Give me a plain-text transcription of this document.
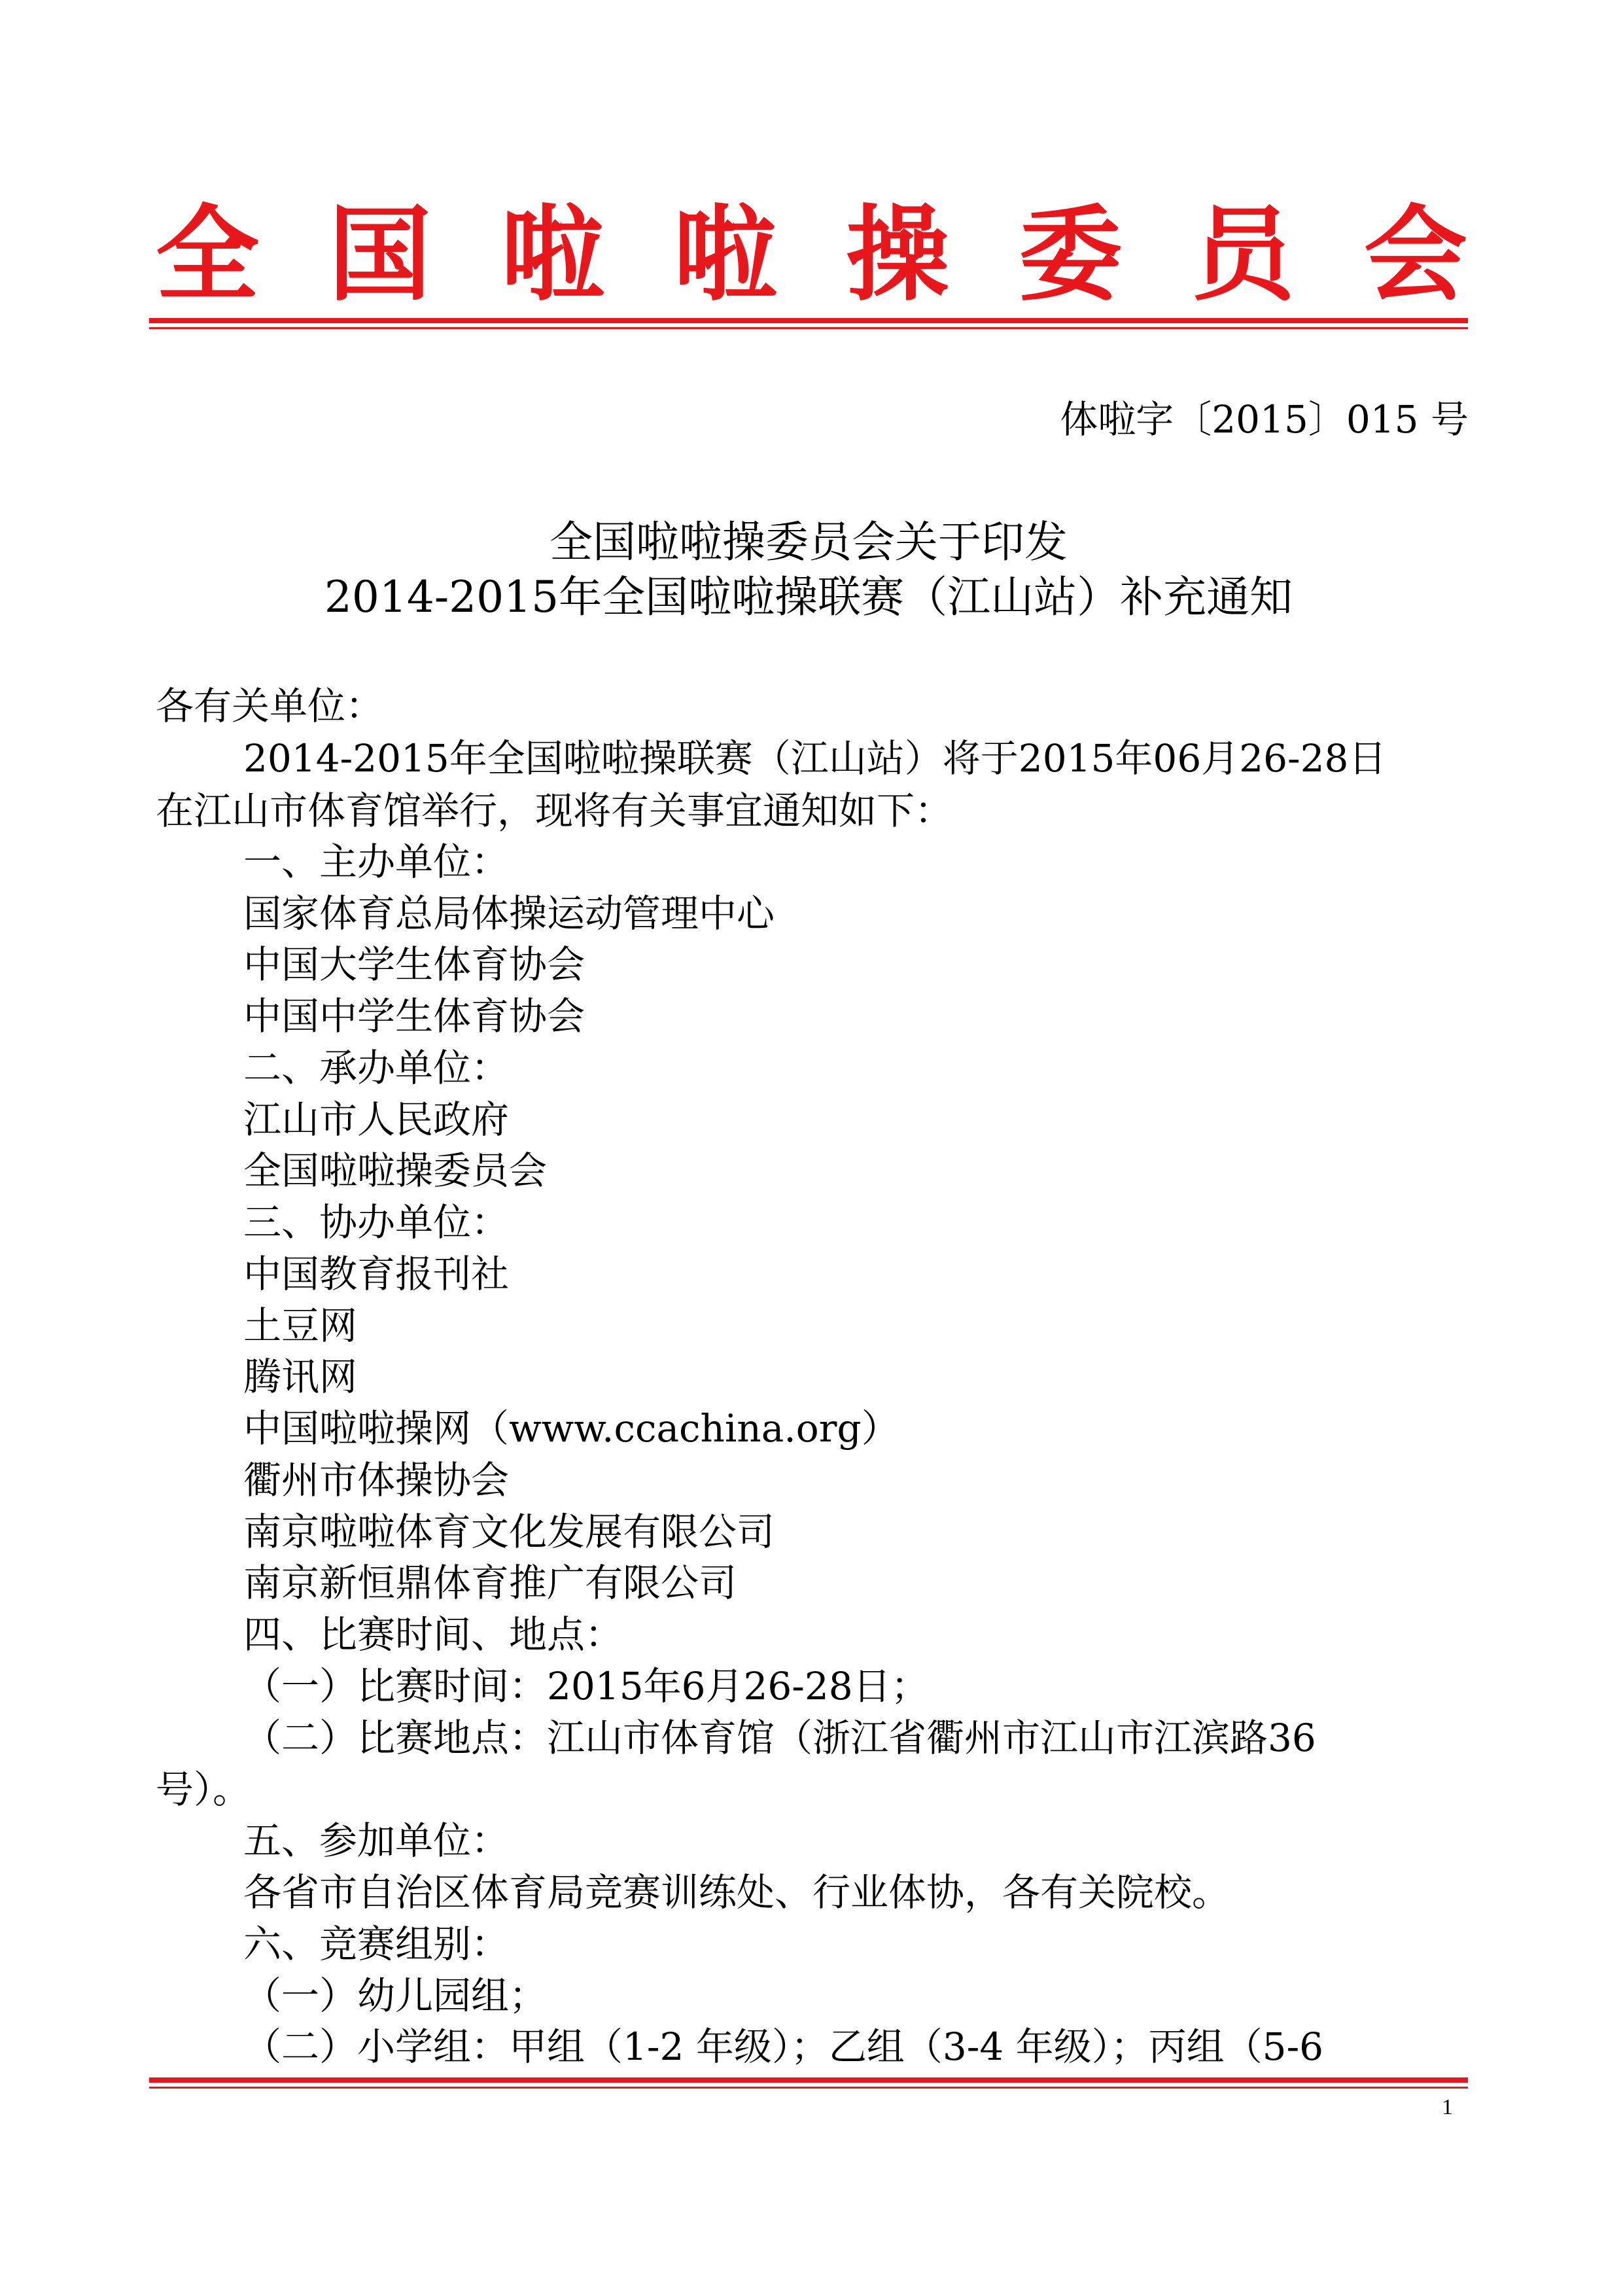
全 国 啦 啦 操 委 员 会
体啦字〔2015〕015 号
全国啦啦操委员会关于印发
2014-2015年全国啦啦操联赛（江山站）补充通知
各有关单位：
2014-2015年全国啦啦操联赛（江山站）将于2015年06月26-28日
在江山市体育馆举行，现将有关事宜通知如下：
一、主办单位：
国家体育总局体操运动管理中心
中国大学生体育协会
中国中学生体育协会
二、承办单位：
江山市人民政府
全国啦啦操委员会
三、协办单位：
中国教育报刊社
土豆网
腾讯网
中国啦啦操网（www.ccachina.org）
衢州市体操协会
南京啦啦体育文化发展有限公司
南京新恒鼎体育推广有限公司
四、比赛时间、地点：
（一）比赛时间：2015年6月26-28日；
（二）比赛地点：江山市体育馆（浙江省衢州市江山市江滨路36
号）。
五、参加单位：
各省市自治区体育局竞赛训练处、行业体协，各有关院校。
六、竞赛组别：
（一）幼儿园组；
（二）小学组：甲组（1-2 年级）；乙组（3-4 年级）；丙组（5-6
1
